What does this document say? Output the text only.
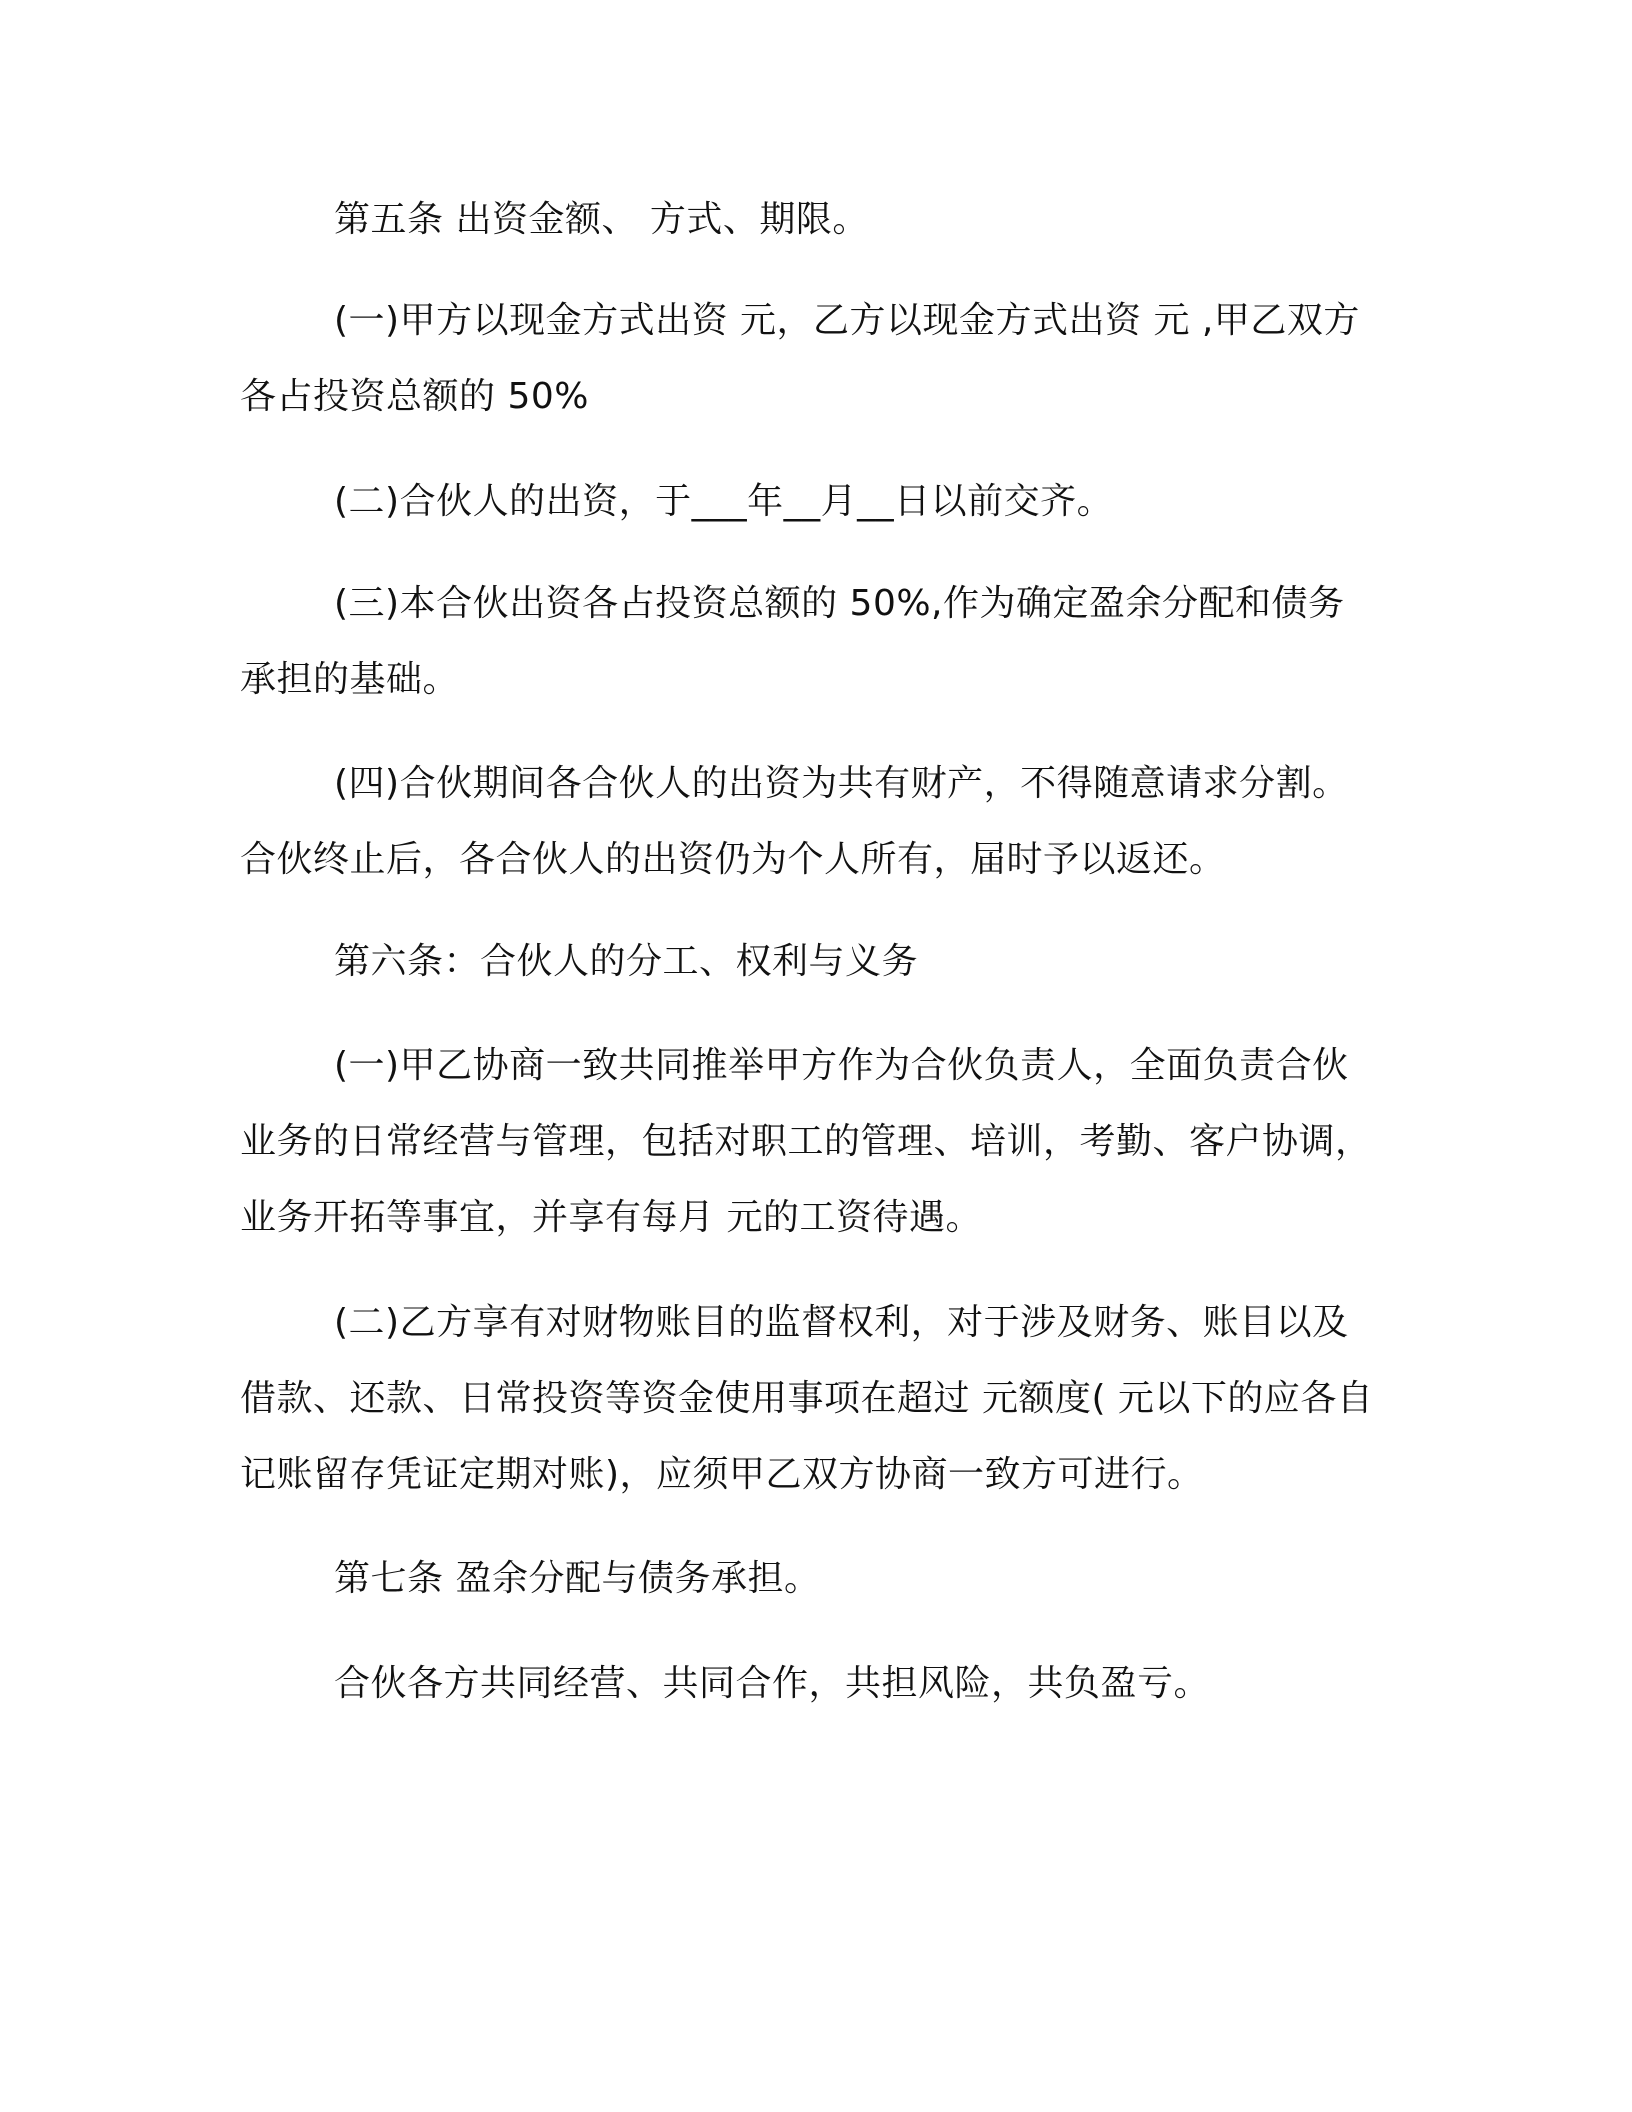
第五条 出资金额、 方式、期限。
(一)甲方以现金方式出资 元，乙方以现金方式出资 元 ,甲乙双方
各占投资总额的 50%
(二)合伙人的出资，于___年__月__日以前交齐。
(三)本合伙出资各占投资总额的 50%,作为确定盈余分配和债务
承担的基础。
(四)合伙期间各合伙人的出资为共有财产，不得随意请求分割。
合伙终止后，各合伙人的出资仍为个人所有，届时予以返还。
第六条：合伙人的分工、权利与义务
(一)甲乙协商一致共同推举甲方作为合伙负责人，全面负责合伙
业务的日常经营与管理，包括对职工的管理、培训，考勤、客户协调，
业务开拓等事宜，并享有每月 元的工资待遇。
(二)乙方享有对财物账目的监督权利，对于涉及财务、账目以及
借款、还款、日常投资等资金使用事项在超过 元额度( 元以下的应各自
记账留存凭证定期对账)，应须甲乙双方协商一致方可进行。
第七条 盈余分配与债务承担。
合伙各方共同经营、共同合作，共担风险，共负盈亏。
